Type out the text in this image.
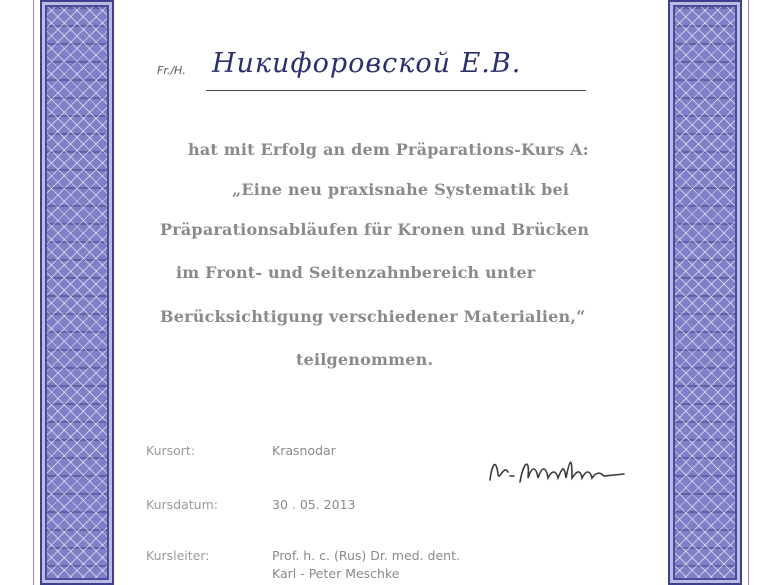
Fr./H. Никифоровской Е.В.
hat mit Erfolg an dem Präparations-Kurs A:
„Eine neu praxisnahe Systematik bei
Präparationsabläufen für Kronen und Brücken
im Front- und Seitenzahnbereich unter
Berücksichtigung verschiedener Materialien,“
teilgenommen.
Kursort:	Krasnodar
Kursdatum:	30 . 05. 2013
Kursleiter:	Prof. h. c. (Rus) Dr. med. dent.
Karl - Peter Meschke
